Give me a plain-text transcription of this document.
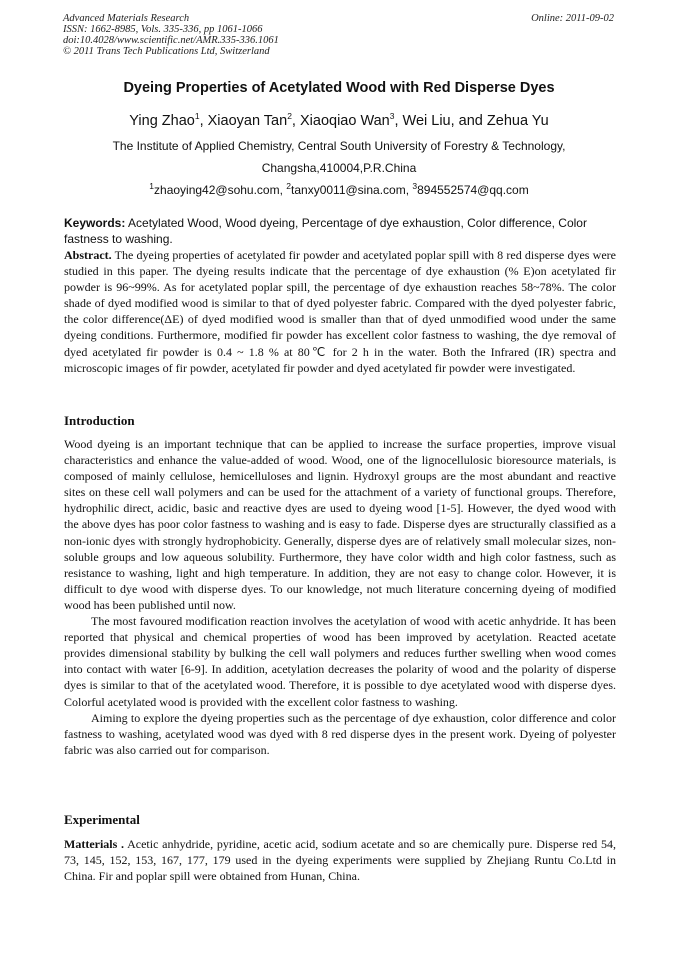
Advanced Materials Research
ISSN: 1662-8985, Vols. 335-336, pp 1061-1066
doi:10.4028/www.scientific.net/AMR.335-336.1061
© 2011 Trans Tech Publications Ltd, Switzerland
Online: 2011-09-02
Dyeing Properties of Acetylated Wood with Red Disperse Dyes
Ying Zhao$^1$, Xiaoyan Tan$^2$, Xiaoqiao Wan$^3$, Wei Liu, and Zehua Yu
The Institute of Applied Chemistry, Central South University of Forestry & Technology,
Changsha,410004,P.R.China
$^1$zhaoying42@sohu.com, $^2$tanxy0011@sina.com, $^3$894552574@qq.com
Keywords: Acetylated Wood, Wood dyeing, Percentage of dye exhaustion, Color difference, Color fastness to washing.
Abstract. The dyeing properties of acetylated fir powder and acetylated poplar spill with 8 red disperse dyes were studied in this paper. The dyeing results indicate that the percentage of dye exhaustion (% E)on acetylated fir powder is 96~99%. As for acetylated poplar spill, the percentage of dye exhaustion reaches 58~78%. The color shade of dyed modified wood is similar to that of dyed polyester fabric. Compared with the dyed polyester fabric, the color difference(ΔE) of dyed modified wood is smaller than that of dyed unmodified wood under the same dyeing conditions. Furthermore, modified fir powder has excellent color fastness to washing, the dye removal of dyed acetylated fir powder is 0.4 ~ 1.8 % at 80℃ for 2 h in the water. Both the Infrared (IR) spectra and microscopic images of fir powder, acetylated fir powder and dyed acetylated fir powder were investigated.
Introduction

Wood dyeing is an important technique that can be applied to increase the surface properties, improve visual characteristics and enhance the value-added of wood. Wood, one of the lignocellulosic bioresource materials, is composed of mainly cellulose, hemicelluloses and lignin. Hydroxyl groups are the most abundant and reactive sites on these cell wall polymers and can be used for the attachment of a variety of functional groups. Therefore, hydrophilic direct, acidic, basic and reactive dyes are used to dyeing wood [1-5]. However, the dyed wood with the above dyes has poor color fastness to washing and is easy to fade. Disperse dyes are structurally classified as a non-ionic dyes with strongly hydrophobicity. Generally, disperse dyes are of relatively small molecular sizes, non-soluble groups and low aqueous solubility. Furthermore, they have color width and high color fastness, such as resistance to washing, light and high temperature. In addition, they are not easy to change color. However, it is difficult to dye wood with disperse dyes. To our knowledge, not much literature concerning dyeing of modified wood has been published until now.

The most favoured modification reaction involves the acetylation of wood with acetic anhydride. It has been reported that physical and chemical properties of wood has been improved by acetylation. Reacted acetate provides dimensional stability by bulking the cell wall polymers and reduces further swelling when wood comes into contact with water [6-9]. In addition, acetylation decreases the polarity of wood and the polarity of disperse dyes is similar to that of the acetylated wood. Therefore, it is possible to dye acetylated wood with disperse dyes. Colorful acetylated wood is provided with the excellent color fastness to washing.

Aiming to explore the dyeing properties such as the percentage of dye exhaustion, color difference and color fastness to washing, acetylated wood was dyed with 8 red disperse dyes in the present work. Dyeing of polyester fabric was also carried out for comparison.

Experimental

Matterials . Acetic anhydride, pyridine, acetic acid, sodium acetate and so are chemically pure. Disperse red 54, 73, 145, 152, 153, 167, 177, 179 used in the dyeing experiments were supplied by Zhejiang Runtu Co.Ltd in China. Fir and poplar spill were obtained from Hunan, China.
